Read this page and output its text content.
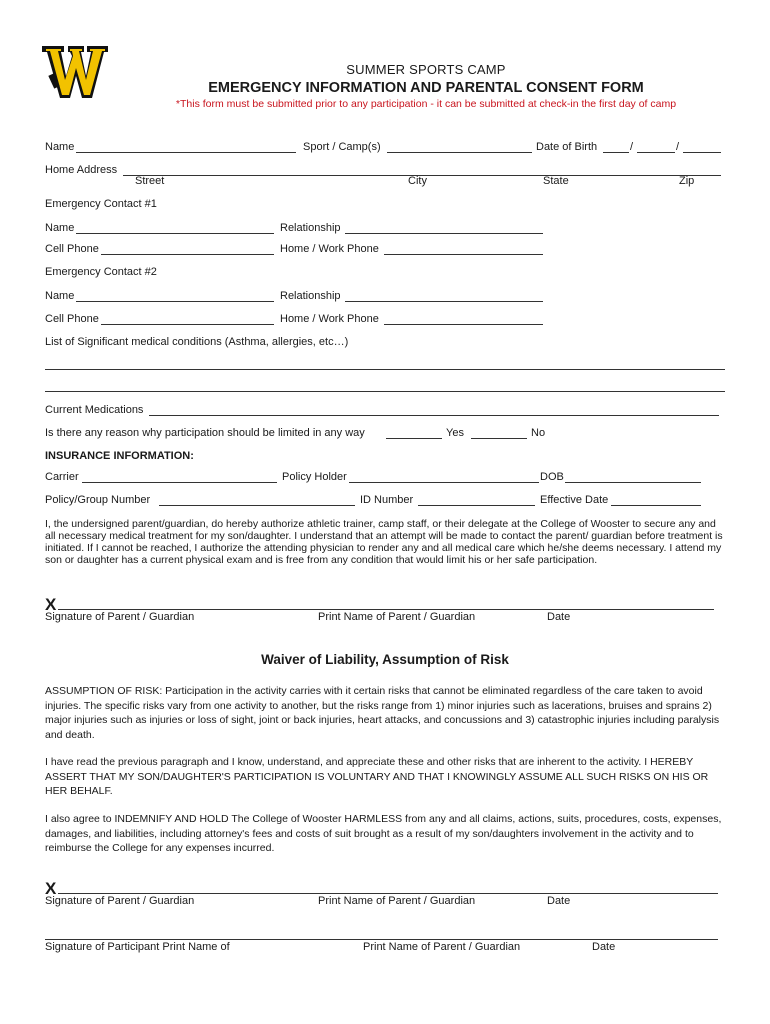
SUMMER SPORTS CAMP
EMERGENCY INFORMATION AND PARENTAL CONSENT FORM
*This form must be submitted prior to any participation - it can be submitted at check-in the first day of camp
Name	Sport / Camp(s)	Date of Birth	/	/
Home Address
Street	City	State	Zip
Emergency Contact #1
Name	Relationship
Cell Phone	Home / Work Phone
Emergency Contact #2
Name	Relationship
Cell Phone	Home / Work Phone
List of Significant medical conditions (Asthma, allergies, etc…)
Current Medications
Is there any reason why participation should be limited in any way	Yes	No
INSURANCE INFORMATION:
Carrier	Policy Holder	DOB
Policy/Group Number	ID Number	Effective Date
I, the undersigned parent/guardian, do hereby authorize athletic trainer, camp staff, or their delegate at the College of Wooster to secure any and all necessary medical treatment for my son/daughter. I understand that an attempt will be made to contact the parent/ guardian before treatment is initiated. If I cannot be reached, I authorize the attending physician to render any and all medical care which he/she deems necessary. I attend my son or daughter has a current physical exam and is free from any condition that would limit his or her safe participation.
X
Signature of Parent / Guardian	Print Name of Parent / Guardian	Date
Waiver of Liability, Assumption of Risk
ASSUMPTION OF RISK: Participation in the activity carries with it certain risks that cannot be eliminated regardless of the care taken to avoid injuries. The specific risks vary from one activity to another, but the risks range from 1) minor injuries such as lacerations, bruises and sprains 2) major injuries such as injuries or loss of sight, joint or back injuries, heart attacks, and concussions and 3) catastrophic injuries including paralysis and death.
I have read the previous paragraph and I know, understand, and appreciate these and other risks that are inherent to the activity. I HEREBY ASSERT THAT MY SON/DAUGHTER'S PARTICIPATION IS VOLUNTARY AND THAT I KNOWINGLY ASSUME ALL SUCH RISKS ON HIS OR HER BEHALF.
I also agree to INDEMNIFY AND HOLD The College of Wooster HARMLESS from any and all claims, actions, suits, procedures, costs, expenses, damages, and liabilities, including attorney's fees and costs of suit brought as a result of my son/daughters involvement in the activity and to reimburse the College for any expenses incurred.
X
Signature of Parent / Guardian	Print Name of Parent / Guardian	Date
Signature of Participant Print Name of	Print Name of Parent / Guardian	Date
